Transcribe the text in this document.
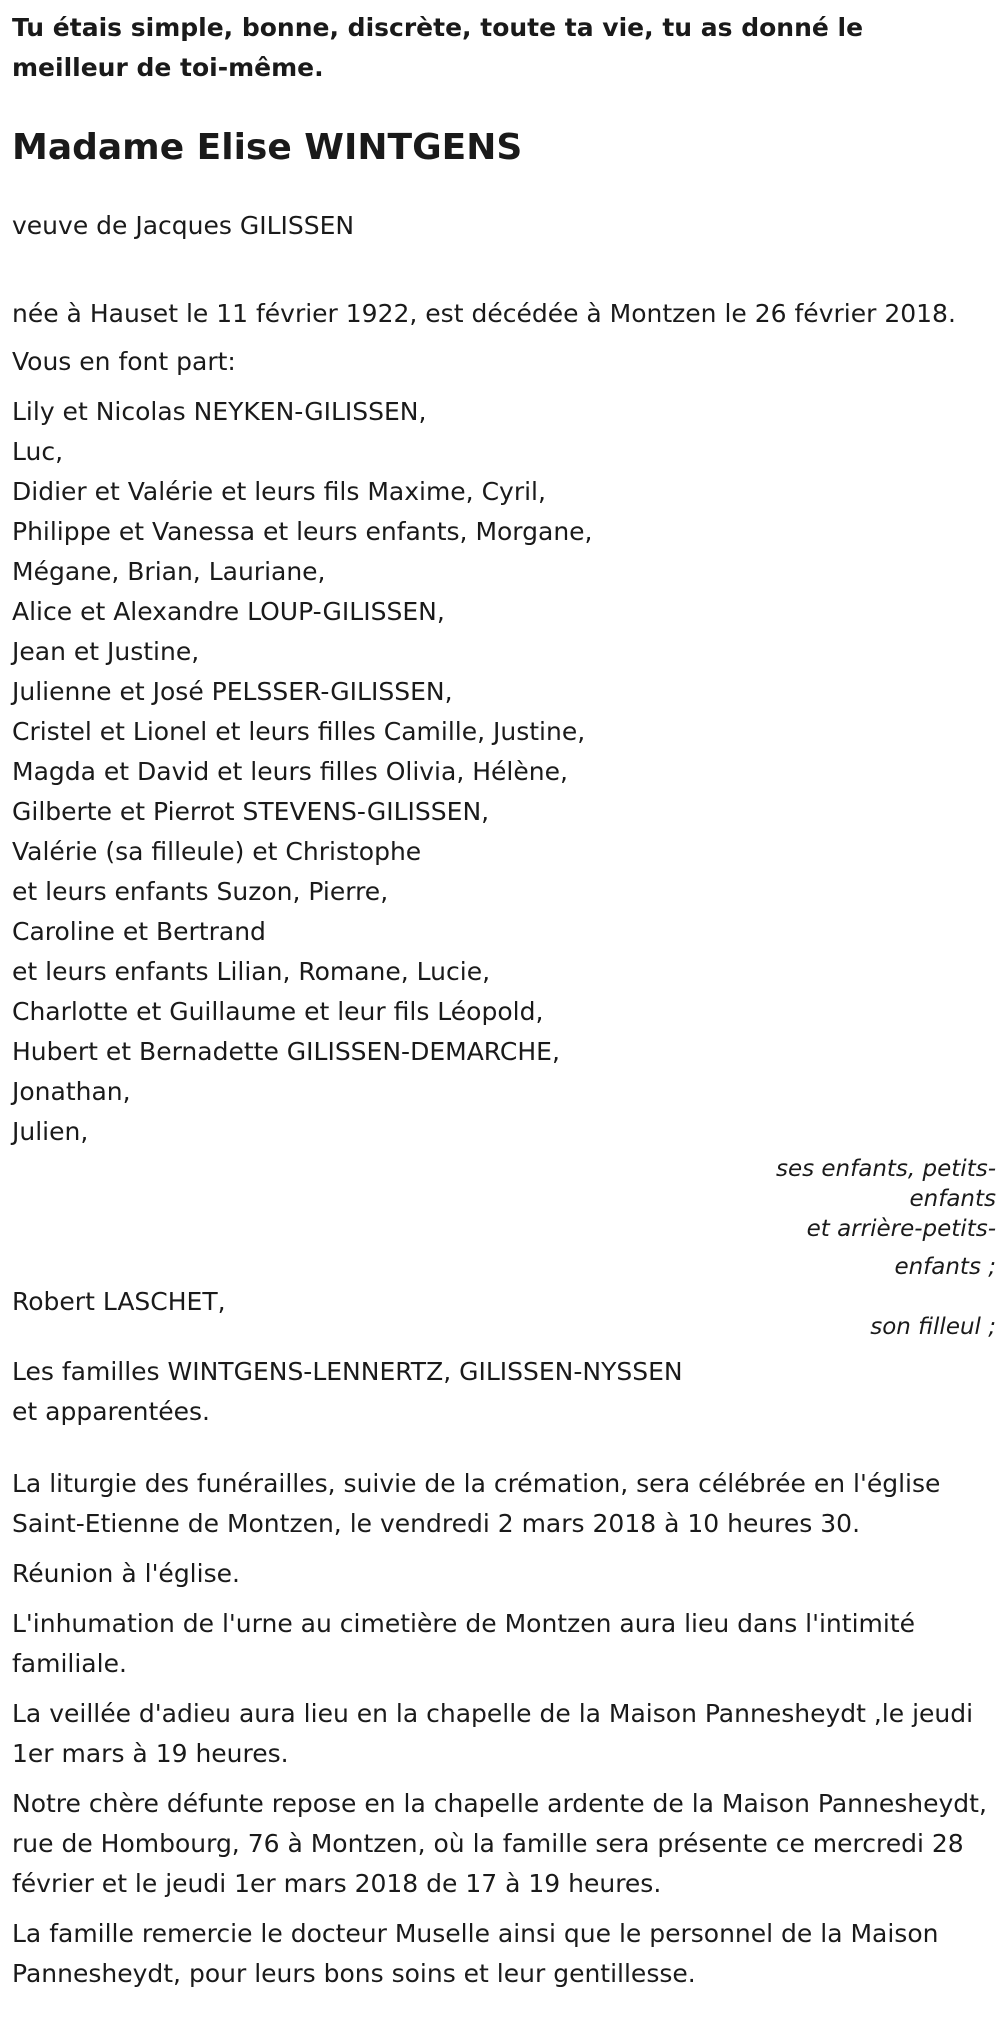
Tu étais simple, bonne, discrète, toute ta vie, tu as donné le meilleur de toi-même.

Madame Elise WINTGENS

veuve de Jacques GILISSEN

née à Hauset le 11 février 1922, est décédée à Montzen le 26 février 2018.

Vous en font part:

Lily et Nicolas NEYKEN-GILISSEN,

Luc,

Didier et Valérie et leurs fils Maxime, Cyril,

Philippe et Vanessa et leurs enfants, Morgane,

Mégane, Brian, Lauriane,

Alice et Alexandre LOUP-GILISSEN,

Jean et Justine,

Julienne et José PELSSER-GILISSEN,

Cristel et Lionel et leurs filles Camille, Justine,

Magda et David et leurs filles Olivia, Hélène,

Gilberte et Pierrot STEVENS-GILISSEN,

Valérie (sa filleule) et Christophe

et leurs enfants Suzon, Pierre,

Caroline et Bertrand

et leurs enfants Lilian, Romane, Lucie,

Charlotte et Guillaume et leur fils Léopold,

Hubert et Bernadette GILISSEN-DEMARCHE,

Jonathan,

Julien,

ses enfants, petits-

enfants

et arrière-petits-

enfants ;

Robert LASCHET,

son filleul ;

Les familles WINTGENS-LENNERTZ, GILISSEN-NYSSEN

et apparentées.

La liturgie des funérailles, suivie de la crémation, sera célébrée en l'église Saint-Etienne de Montzen, le vendredi 2 mars 2018 à 10 heures 30.

Réunion à l'église.

L'inhumation de l'urne au cimetière de Montzen aura lieu dans l'intimité familiale.

La veillée d'adieu aura lieu en la chapelle de la Maison Pannesheydt ,le jeudi 1er mars à 19 heures.

Notre chère défunte repose en la chapelle ardente de la Maison Pannesheydt, rue de Hombourg, 76 à Montzen, où la famille sera présente ce mercredi 28 février et le jeudi 1er mars 2018 de 17 à 19 heures.

La famille remercie le docteur Muselle ainsi que le personnel de la Maison Pannesheydt, pour leurs bons soins et leur gentillesse.
